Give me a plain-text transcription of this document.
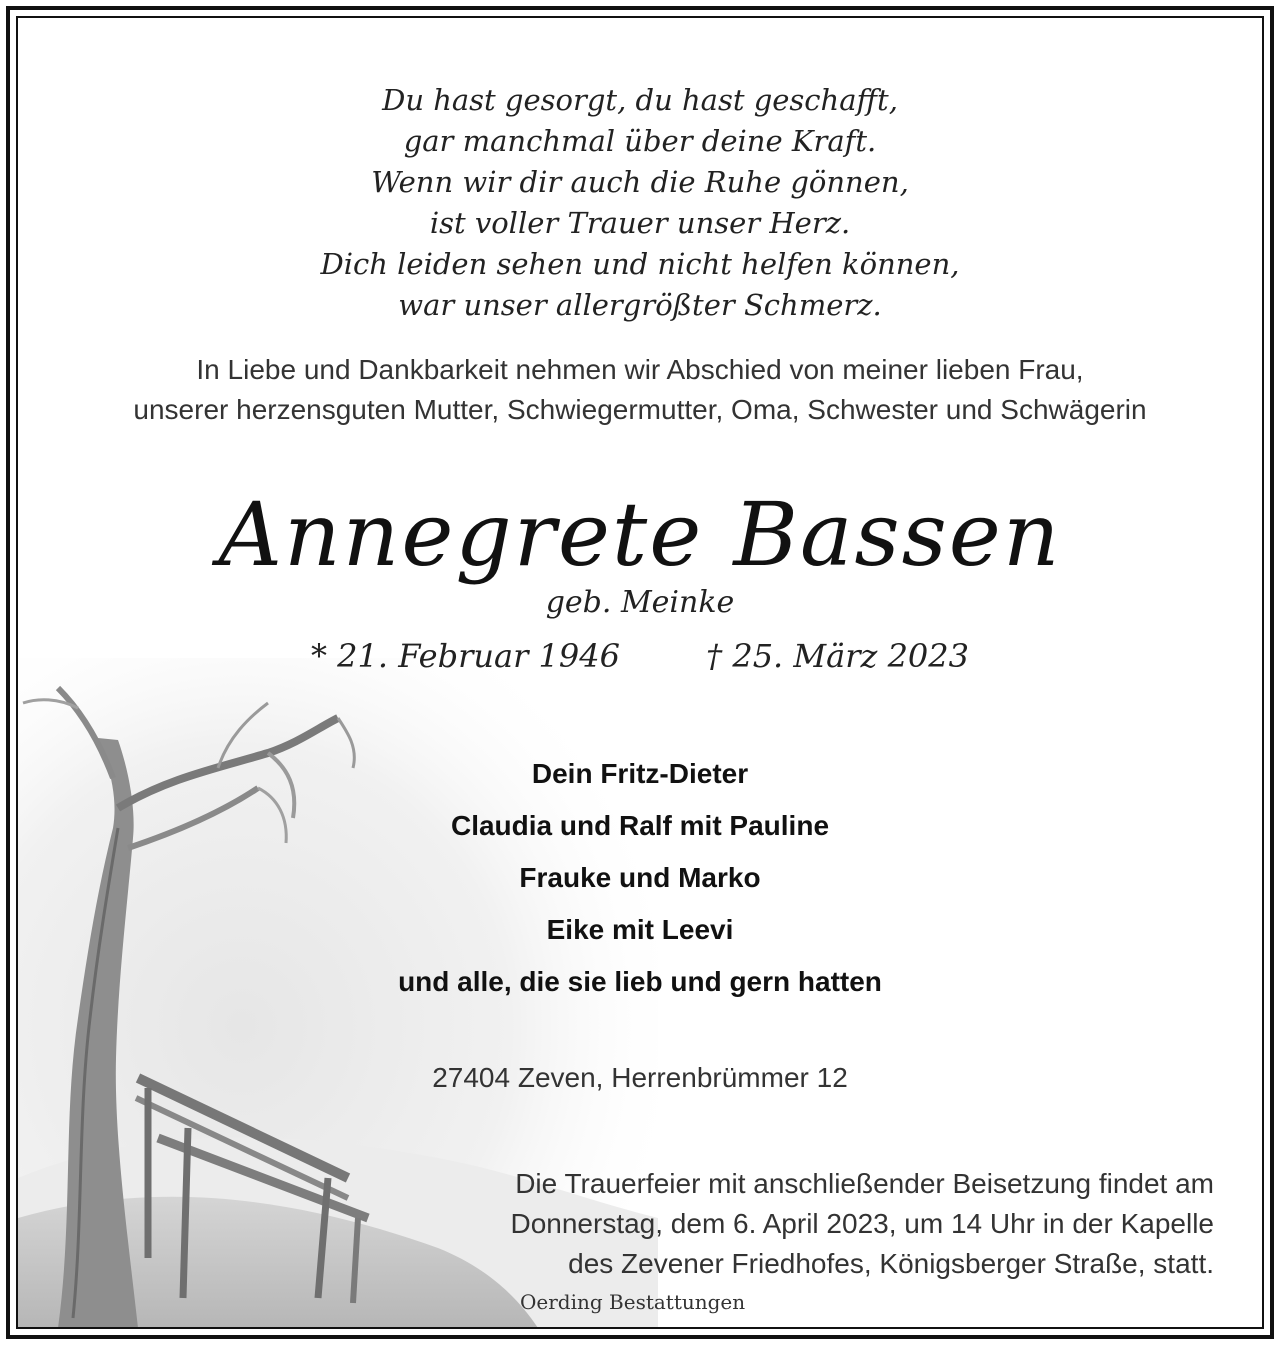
Du hast gesorgt, du hast geschafft,
gar manchmal über deine Kraft.
Wenn wir dir auch die Ruhe gönnen,
ist voller Trauer unser Herz.
Dich leiden sehen und nicht helfen können,
war unser allergrößter Schmerz.
In Liebe und Dankbarkeit nehmen wir Abschied von meiner lieben Frau,
unserer herzensguten Mutter, Schwiegermutter, Oma, Schwester und Schwägerin
Annegrete Bassen
geb. Meinke
* 21. Februar 1946	† 25. März 2023
Dein Fritz-Dieter
Claudia und Ralf mit Pauline
Frauke und Marko
Eike mit Leevi
und alle, die sie lieb und gern hatten
27404 Zeven, Herrenbrümmer 12
Die Trauerfeier mit anschließender Beisetzung findet am
Donnerstag, dem 6. April 2023, um 14 Uhr in der Kapelle
des Zevener Friedhofes, Königsberger Straße, statt.
Oerding Bestattungen
